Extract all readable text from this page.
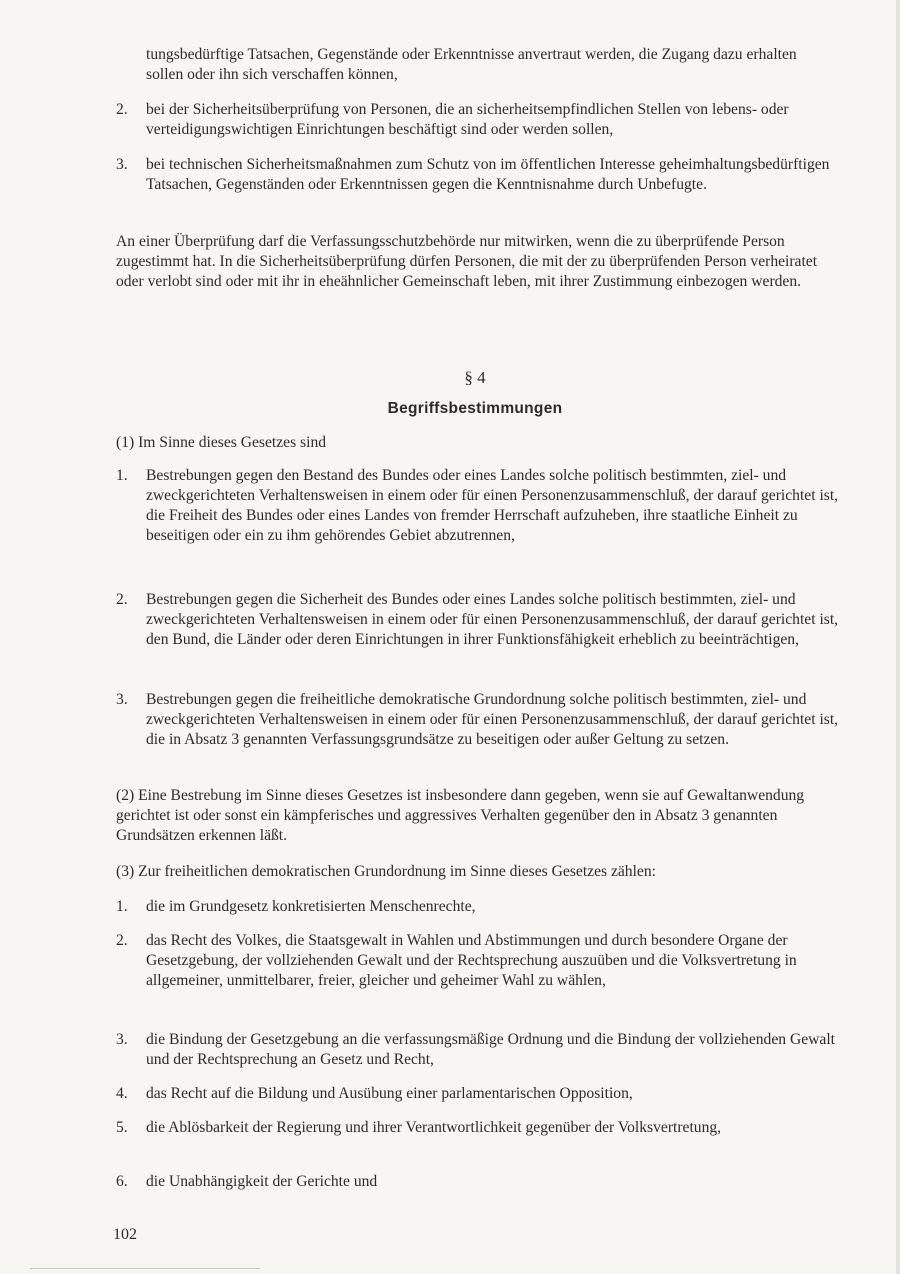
tungsbedürftige Tatsachen, Gegenstände oder Erkenntnisse anvertraut werden, die Zugang dazu erhalten sollen oder ihn sich verschaffen können,
2. bei der Sicherheitsüberprüfung von Personen, die an sicherheitsempfindlichen Stellen von lebens- oder verteidigungswichtigen Einrichtungen beschäftigt sind oder werden sollen,
3. bei technischen Sicherheitsmaßnahmen zum Schutz von im öffentlichen Interesse geheimhaltungsbedürftigen Tatsachen, Gegenständen oder Erkenntnissen gegen die Kenntnisnahme durch Unbefugte.
An einer Überprüfung darf die Verfassungsschutzbehörde nur mitwirken, wenn die zu überprüfende Person zugestimmt hat. In die Sicherheitsüberprüfung dürfen Personen, die mit der zu überprüfenden Person verheiratet oder verlobt sind oder mit ihr in eheähnlicher Gemeinschaft leben, mit ihrer Zustimmung einbezogen werden.
§ 4
Begriffsbestimmungen
(1) Im Sinne dieses Gesetzes sind
1. Bestrebungen gegen den Bestand des Bundes oder eines Landes solche politisch bestimmten, ziel- und zweckgerichteten Verhaltensweisen in einem oder für einen Personenzusammenschluß, der darauf gerichtet ist, die Freiheit des Bundes oder eines Landes von fremder Herrschaft aufzuheben, ihre staatliche Einheit zu beseitigen oder ein zu ihm gehörendes Gebiet abzutrennen,
2. Bestrebungen gegen die Sicherheit des Bundes oder eines Landes solche politisch bestimmten, ziel- und zweckgerichteten Verhaltensweisen in einem oder für einen Personenzusammenschluß, der darauf gerichtet ist, den Bund, die Länder oder deren Einrichtungen in ihrer Funktionsfähigkeit erheblich zu beeinträchtigen,
3. Bestrebungen gegen die freiheitliche demokratische Grundordnung solche politisch bestimmten, ziel- und zweckgerichteten Verhaltensweisen in einem oder für einen Personenzusammenschluß, der darauf gerichtet ist, die in Absatz 3 genannten Verfassungsgrundsätze zu beseitigen oder außer Geltung zu setzen.
(2) Eine Bestrebung im Sinne dieses Gesetzes ist insbesondere dann gegeben, wenn sie auf Gewaltanwendung gerichtet ist oder sonst ein kämpferisches und aggressives Verhalten gegenüber den in Absatz 3 genannten Grundsätzen erkennen läßt.
(3) Zur freiheitlichen demokratischen Grundordnung im Sinne dieses Gesetzes zählen:
1. die im Grundgesetz konkretisierten Menschenrechte,
2. das Recht des Volkes, die Staatsgewalt in Wahlen und Abstimmungen und durch besondere Organe der Gesetzgebung, der vollziehenden Gewalt und der Rechtsprechung auszuüben und die Volksvertretung in allgemeiner, unmittelbarer, freier, gleicher und geheimer Wahl zu wählen,
3. die Bindung der Gesetzgebung an die verfassungsmäßige Ordnung und die Bindung der vollziehenden Gewalt und der Rechtsprechung an Gesetz und Recht,
4. das Recht auf die Bildung und Ausübung einer parlamentarischen Opposition,
5. die Ablösbarkeit der Regierung und ihrer Verantwortlichkeit gegenüber der Volksvertretung,
6. die Unabhängigkeit der Gerichte und
102
